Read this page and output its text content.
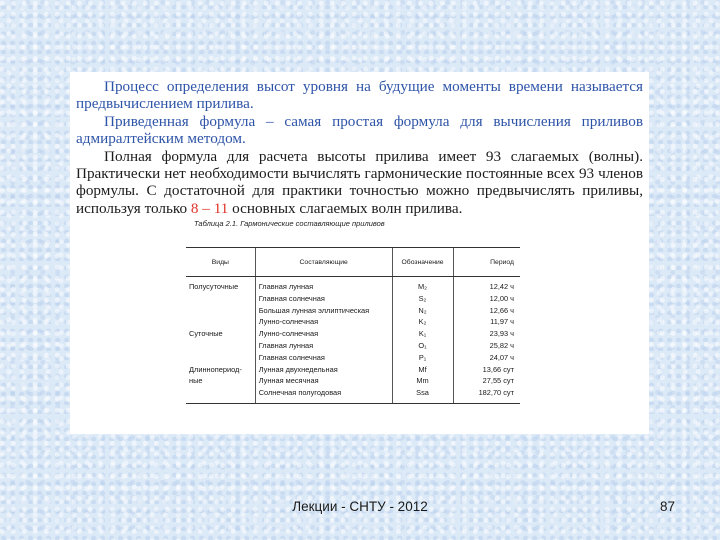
Процесс определения высот уровня на будущие моменты времени называется предвычислением прилива.

Приведенная формула – самая простая формула для вычисления приливов адмиралтейским методом.

Полная формула для расчета высоты прилива имеет 93 слагаемых (волны). Практически нет необходимости вычислять гармонические постоянные всех 93 членов формулы. С достаточной для практики точностью можно предвычислять приливы, используя только 8 – 11 основных слагаемых волн прилива.

Таблица 2.1. Гармонические составляющие приливов
Виды	Составляющие	Обозначение	Период
Полусуточные	Главная лунная	M₂	12,42 ч
	Главная солнечная	S₂	12,00 ч
	Большая лунная эллиптическая	N₂	12,66 ч
	Лунно-солнечная	K₂	11,97 ч
Суточные	Лунно-солнечная	K₁	23,93 ч
	Главная лунная	O₁	25,82 ч
	Главная солнечная	P₁	24,07 ч
Длиннопериод-	Лунная двухнедельная	Mf	13,66 сут
ные	Лунная месячная	Mm	27,55 сут
	Солнечная полугодовая	Ssa	182,70 сут
Лекции - СНТУ - 2012	87
